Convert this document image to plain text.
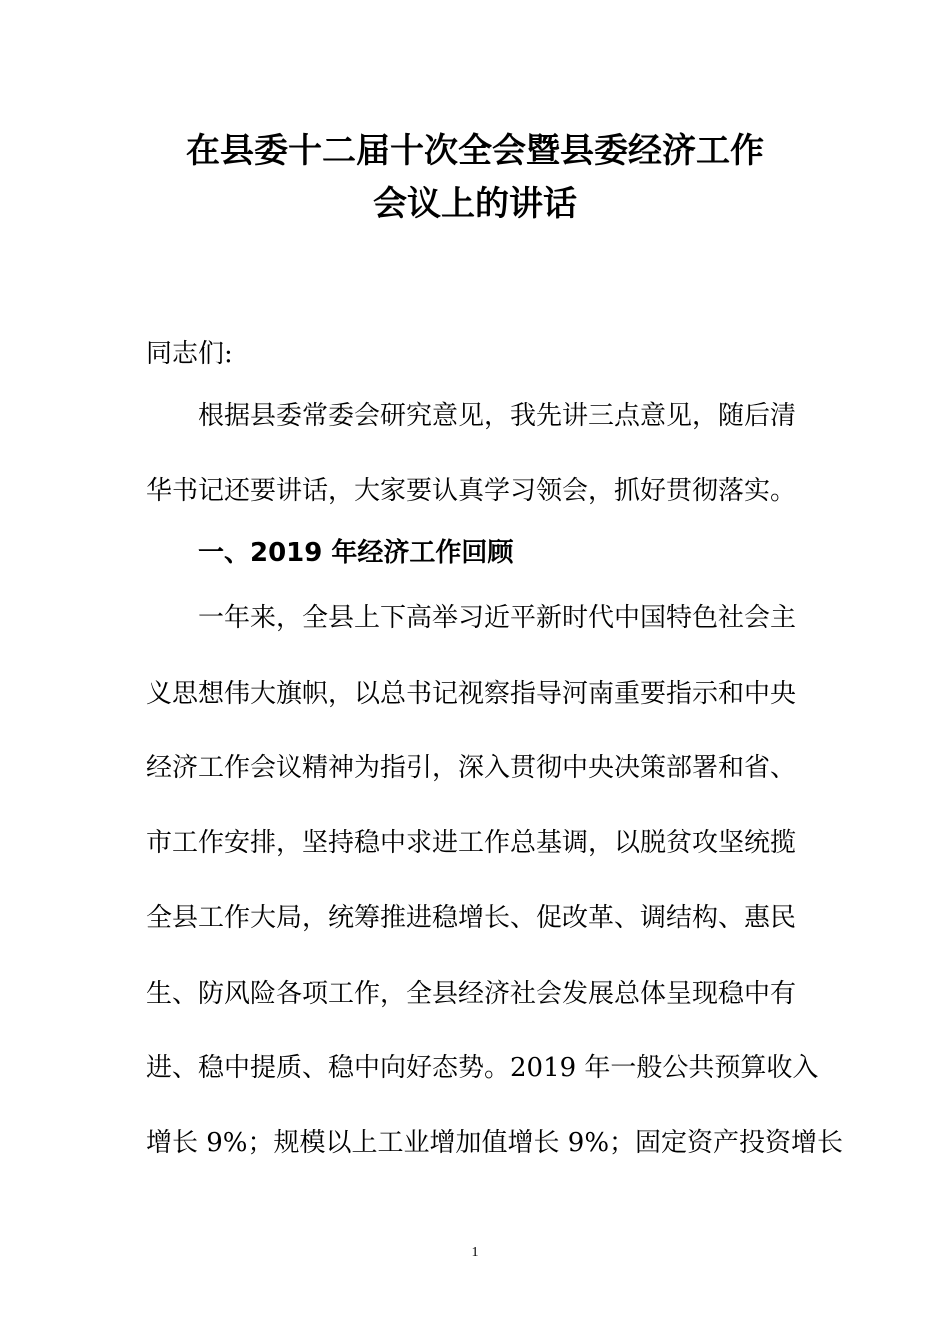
在县委十二届十次全会暨县委经济工作
会议上的讲话
同志们:
根据县委常委会研究意见，我先讲三点意见，随后清
华书记还要讲话，大家要认真学习领会，抓好贯彻落实。
一、2019 年经济工作回顾
一年来，全县上下高举习近平新时代中国特色社会主
义思想伟大旗帜，以总书记视察指导河南重要指示和中央
经济工作会议精神为指引，深入贯彻中央决策部署和省、
市工作安排，坚持稳中求进工作总基调，以脱贫攻坚统揽
全县工作大局，统筹推进稳增长、促改革、调结构、惠民
生、防风险各项工作，全县经济社会发展总体呈现稳中有
进、稳中提质、稳中向好态势。2019 年一般公共预算收入
增长 9%；规模以上工业增加值增长 9%；固定资产投资增长
1
